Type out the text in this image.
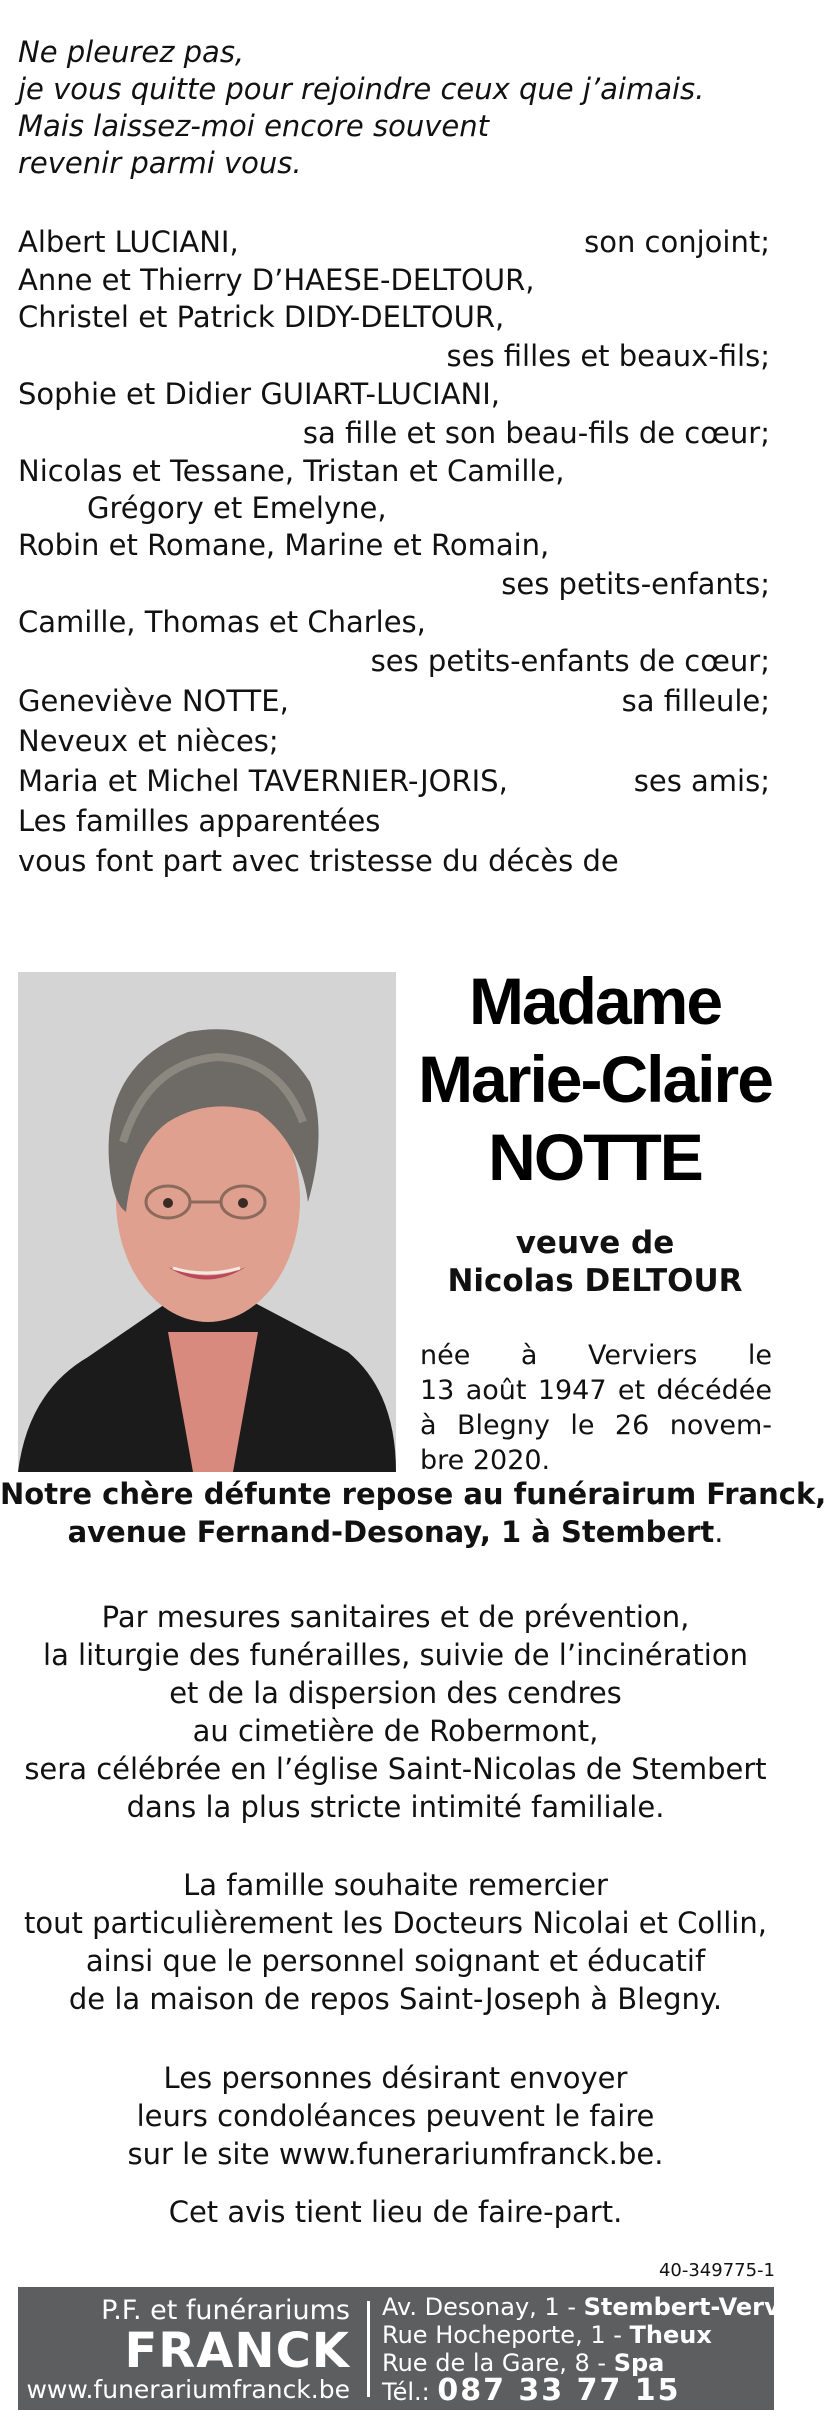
Ne pleurez pas,
je vous quitte pour rejoindre ceux que j’aimais.
Mais laissez-moi encore souvent
revenir parmi vous.
Albert LUCIANI,	son conjoint;
Anne et Thierry D’HAESE-DELTOUR,
Christel et Patrick DIDY-DELTOUR,
ses filles et beaux-fils;
Sophie et Didier GUIART-LUCIANI,
sa fille et son beau-fils de cœur;
Nicolas et Tessane, Tristan et Camille,
Grégory et Emelyne,
Robin et Romane, Marine et Romain,
ses petits-enfants;
Camille, Thomas et Charles,
ses petits-enfants de cœur;
Geneviève NOTTE,	sa filleule;
Neveux et nièces;
Maria et Michel TAVERNIER-JORIS,	ses amis;
Les familles apparentées
vous font part avec tristesse du décès de
Madame
Marie-Claire
NOTTE
veuve de
Nicolas DELTOUR
née à Verviers le
13 août 1947 et décédée
à Blegny le 26 novem-
bre 2020.
Notre chère défunte repose au funérairum Franck,
avenue Fernand-Desonay, 1 à Stembert.
Par mesures sanitaires et de prévention,
la liturgie des funérailles, suivie de l’incinération
et de la dispersion des cendres
au cimetière de Robermont,
sera célébrée en l’église Saint-Nicolas de Stembert
dans la plus stricte intimité familiale.
La famille souhaite remercier
tout particulièrement les Docteurs Nicolai et Collin,
ainsi que le personnel soignant et éducatif
de la maison de repos Saint-Joseph à Blegny.
Les personnes désirant envoyer
leurs condoléances peuvent le faire
sur le site www.funerariumfranck.be.
Cet avis tient lieu de faire-part.
40-349775-1
P.F. et funérariums
FRANCK
www.funerariumfranck.be
Av. Desonay, 1 - Stembert-Verviers
Rue Hocheporte, 1 - Theux
Rue de la Gare, 8 - Spa
Tél.: 087 33 77 15
